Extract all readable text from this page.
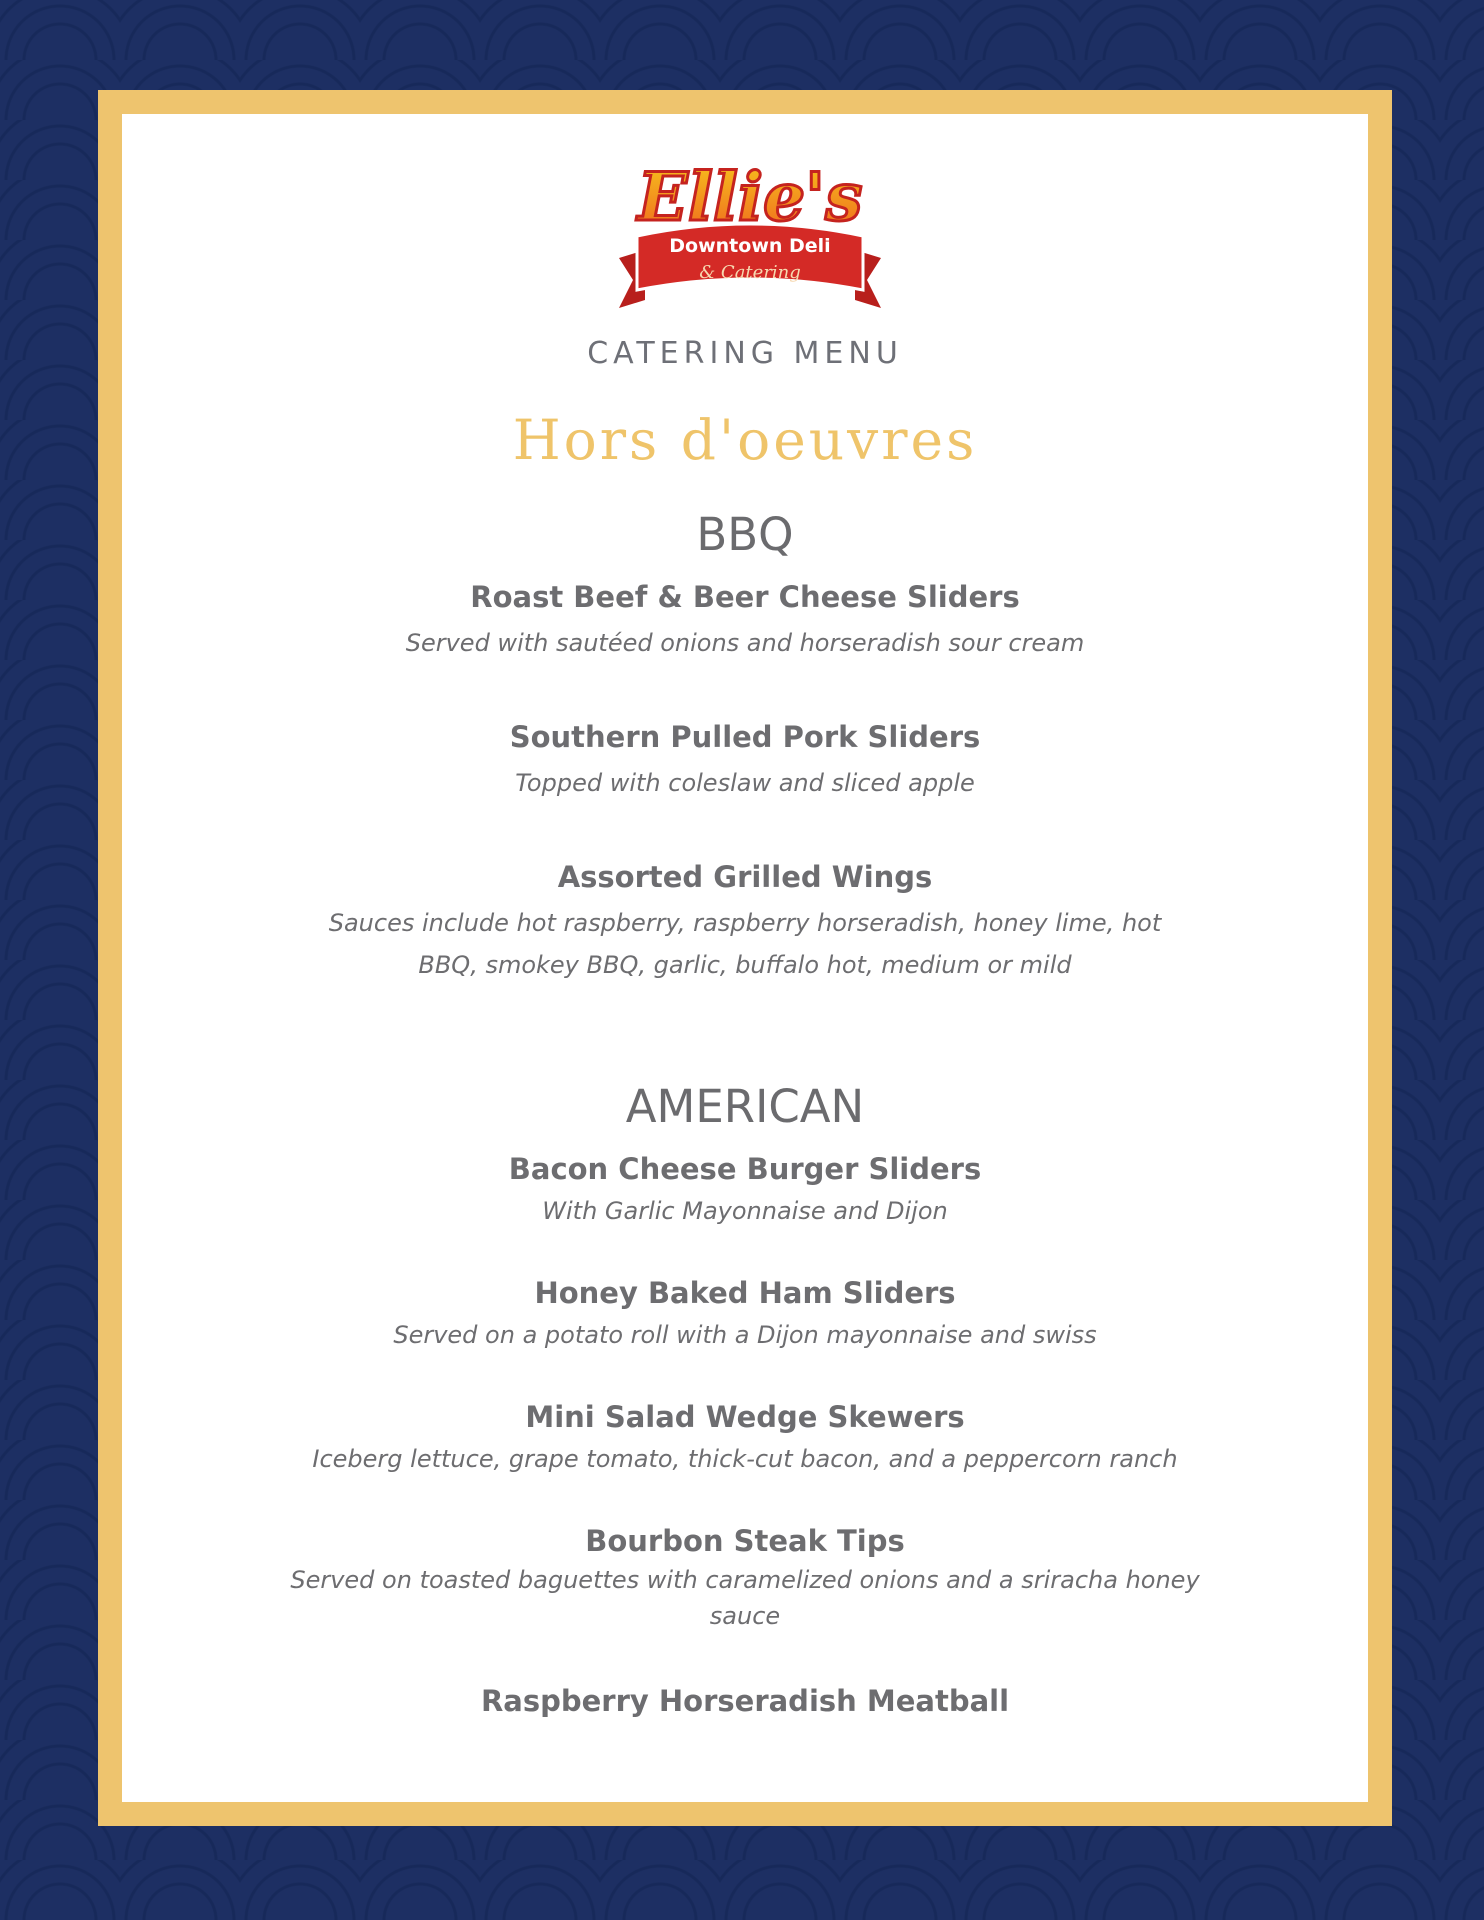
Ellie's
Downtown Deli
& Catering
CATERING MENU
Hors d'oeuvres
BBQ
Roast Beef & Beer Cheese Sliders
Served with sautéed onions and horseradish sour cream
Southern Pulled Pork Sliders
Topped with coleslaw and sliced apple
Assorted Grilled Wings
Sauces include hot raspberry, raspberry horseradish, honey lime, hot BBQ, smokey BBQ, garlic, buffalo hot, medium or mild
AMERICAN
Bacon Cheese Burger Sliders
With Garlic Mayonnaise and Dijon
Honey Baked Ham Sliders
Served on a potato roll with a Dijon mayonnaise and swiss
Mini Salad Wedge Skewers
Iceberg lettuce, grape tomato, thick-cut bacon, and a peppercorn ranch
Bourbon Steak Tips
Served on toasted baguettes with caramelized onions and a sriracha honey sauce
Raspberry Horseradish Meatball
